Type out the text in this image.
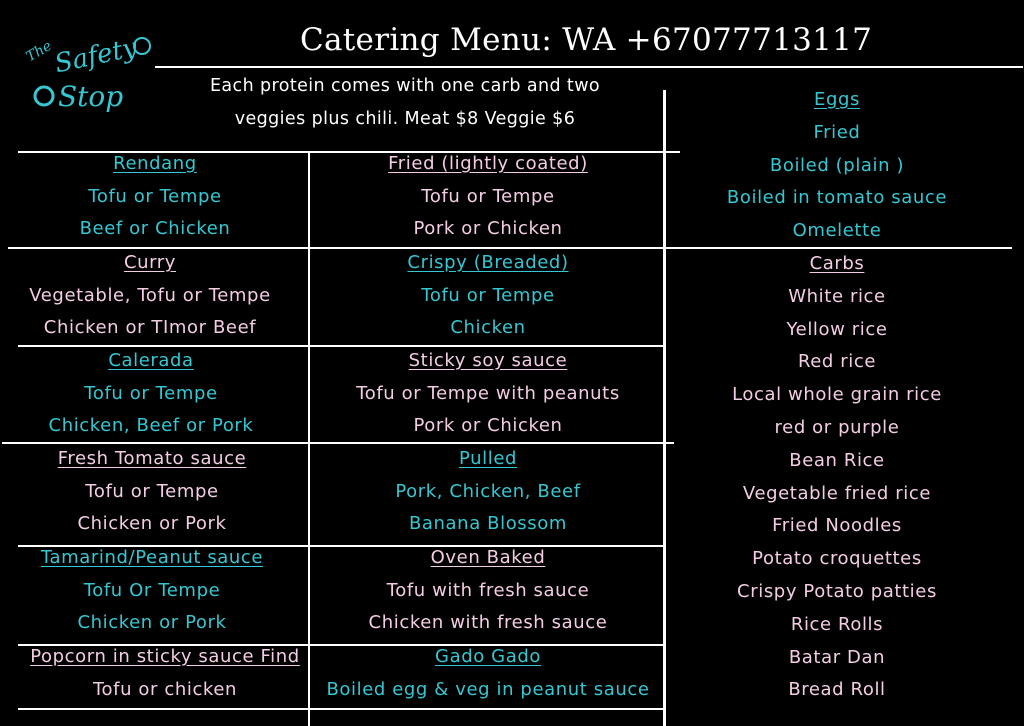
The
Safety
Stop
Catering Menu: WA +67077713117
Each protein comes with one carb and two
veggies plus chili. Meat $8 Veggie $6
Rendang
Tofu or Tempe
Beef or Chicken
Curry
Vegetable, Tofu or Tempe
Chicken or TImor Beef
Calerada
Tofu or Tempe
Chicken, Beef or Pork
Fresh Tomato sauce
Tofu or Tempe
Chicken or Pork
Tamarind/Peanut sauce
Tofu Or Tempe
Chicken or Pork
Popcorn in sticky sauce Find
Tofu or chicken
Fried (lightly coated)
Tofu or Tempe
Pork or Chicken
Crispy (Breaded)
Tofu or Tempe
Chicken
Sticky soy sauce
Tofu or Tempe with peanuts
Pork or Chicken
Pulled
Pork, Chicken, Beef
Banana Blossom
Oven Baked
Tofu with fresh sauce
Chicken with fresh sauce
Gado Gado
Boiled egg & veg in peanut sauce
Eggs
Fried
Boiled (plain )
Boiled in tomato sauce
Omelette
Carbs
White rice
Yellow rice
Red rice
Local whole grain rice
red or purple
Bean Rice
Vegetable fried rice
Fried Noodles
Potato croquettes
Crispy Potato patties
Rice Rolls
Batar Dan
Bread Roll
